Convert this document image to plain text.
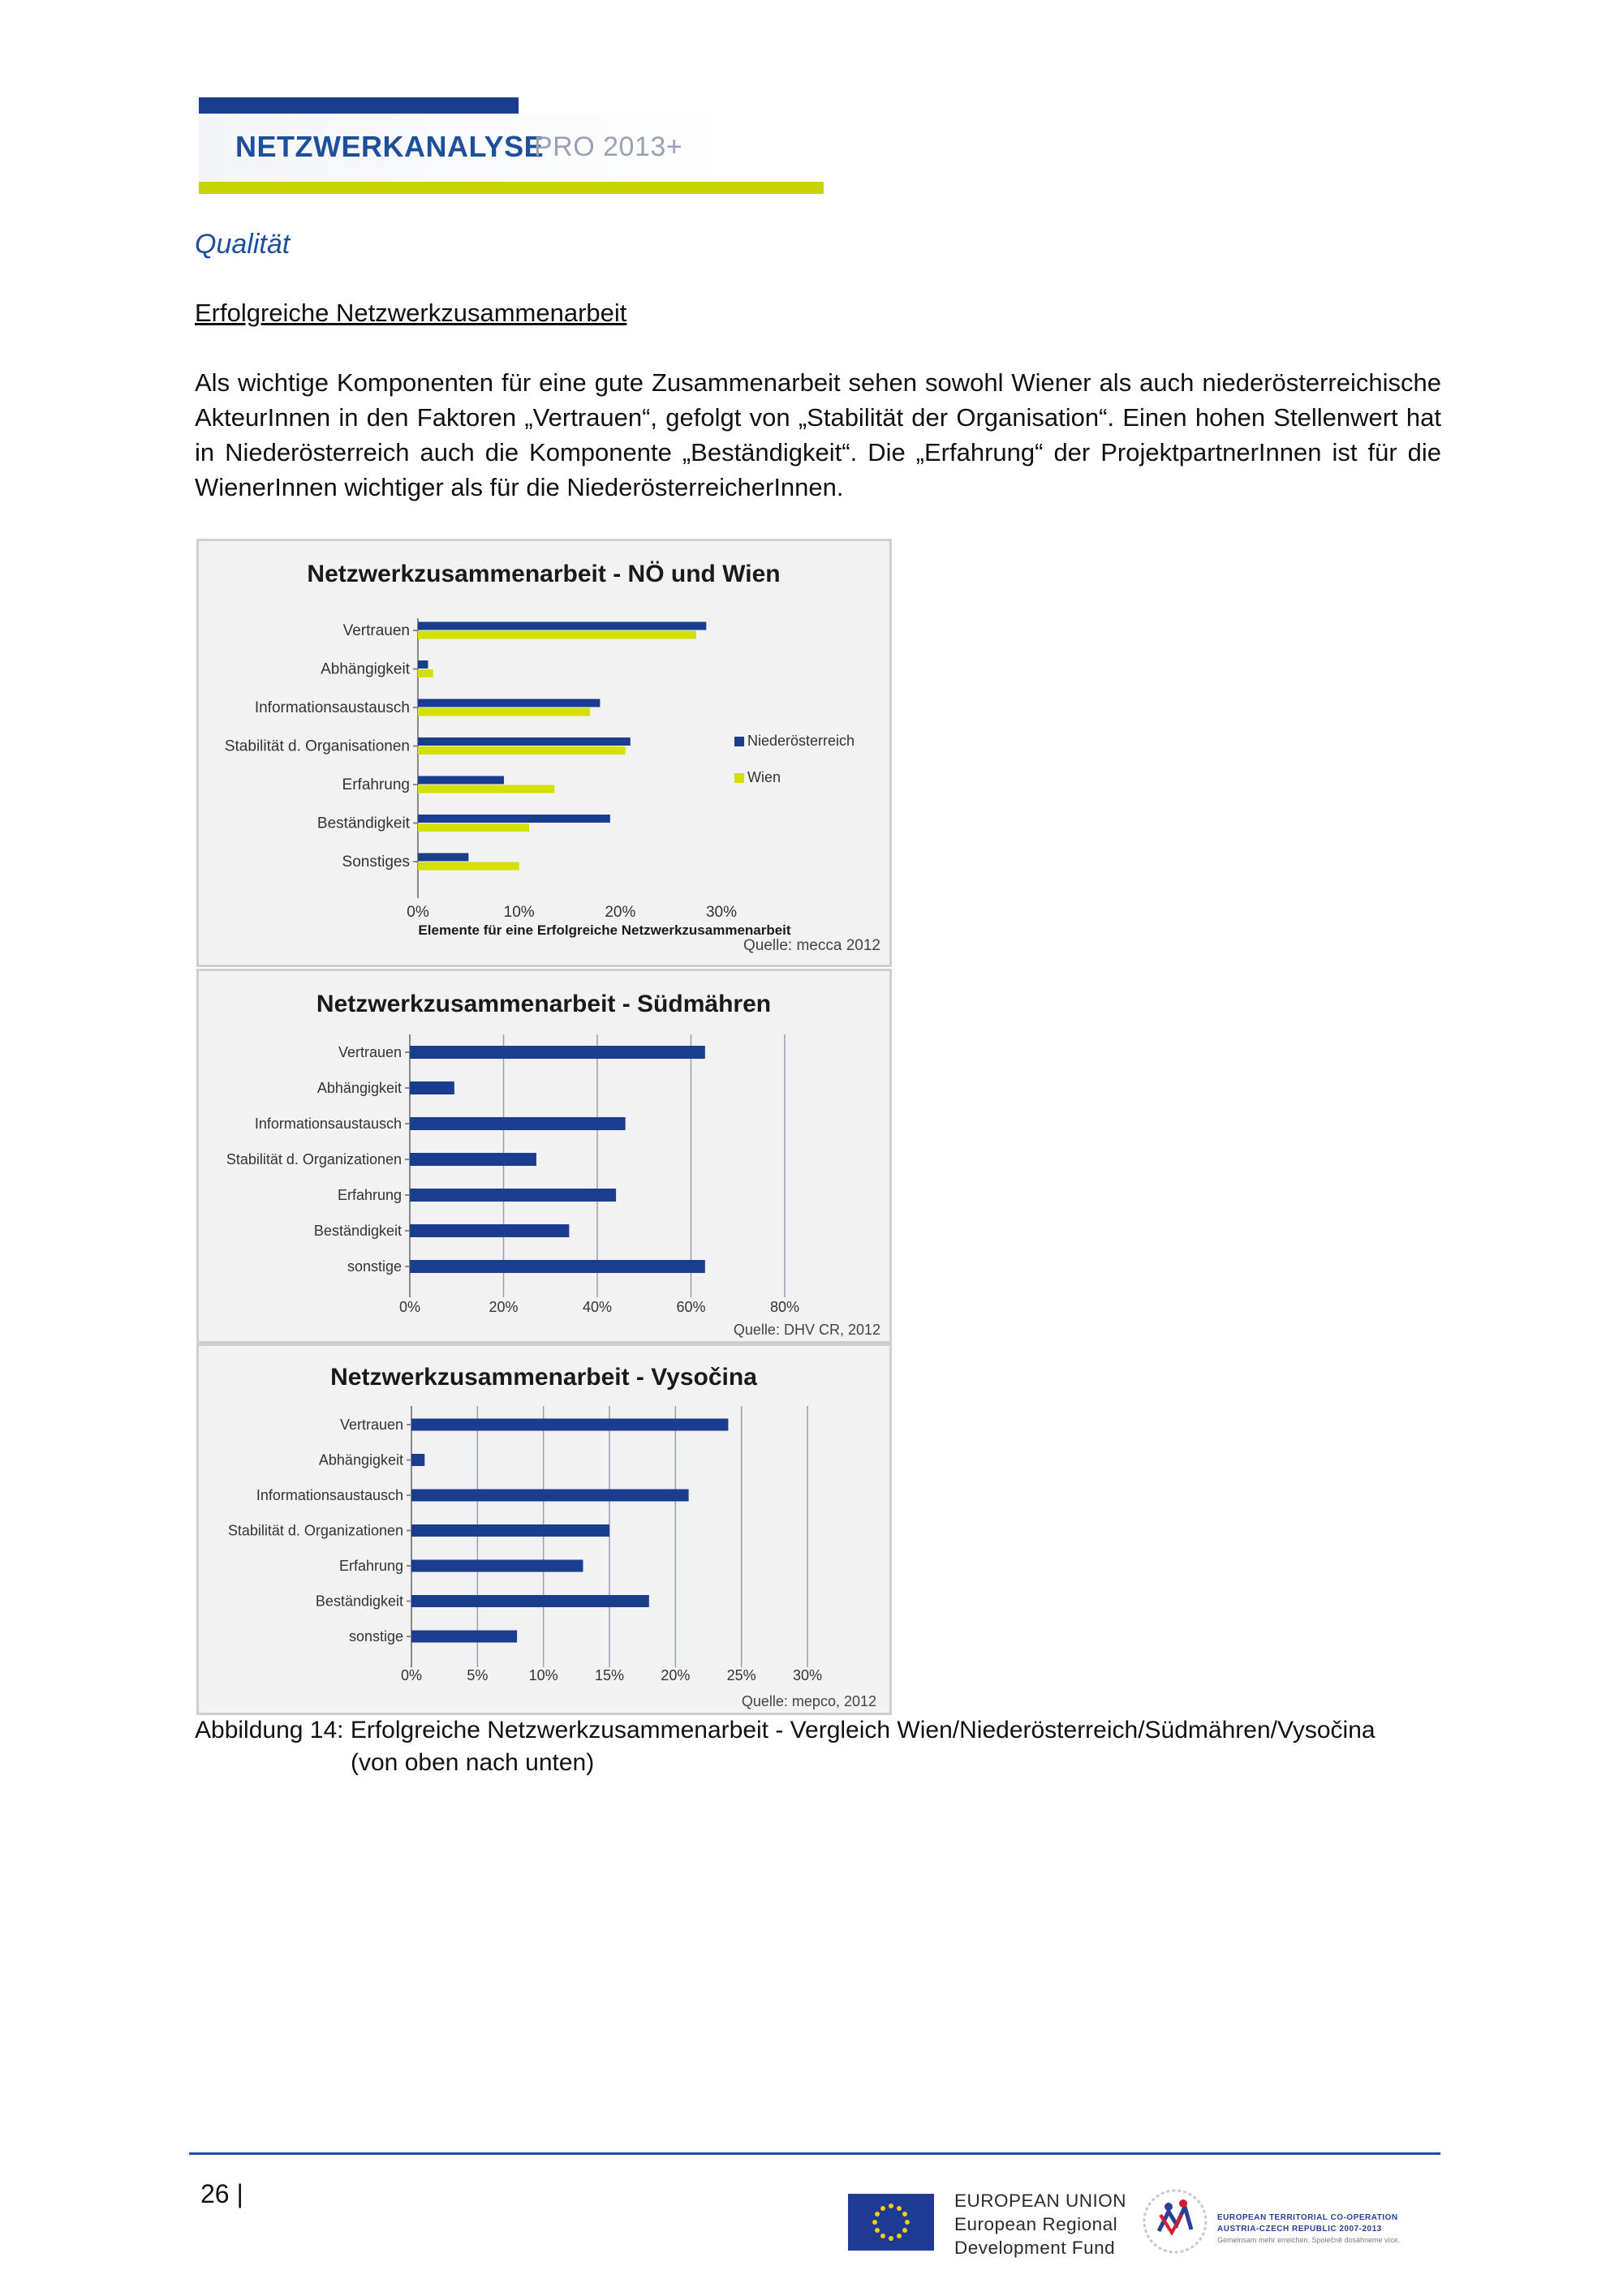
NETZWERKANALYSE
PRO 2013+
Qualität
Erfolgreiche Netzwerkzusammenarbeit
Als wichtige Komponenten für eine gute Zusammenarbeit sehen sowohl Wiener als auch niederösterreichische AkteurInnen in den Faktoren „Vertrauen“, gefolgt von „Stabilität der Organisation“. Einen hohen Stellenwert hat in Niederösterreich auch die Komponente „Beständigkeit“. Die „Erfahrung“ der ProjektpartnerInnen ist für die WienerInnen wichtiger als für die NiederösterreicherInnen.
Netzwerkzusammenarbeit - NÖ und Wien
Vertrauen
Abhängigkeit
Informationsaustausch
Stabilität d. Organisationen
Erfahrung
Beständigkeit
Sonstiges
0%	10%	20%	30%
Elemente für eine Erfolgreiche Netzwerkzusammenarbeit
Quelle: mecca 2012
Niederösterreich
Wien
Netzwerkzusammenarbeit - Südmähren
Vertrauen
Abhängigkeit
Informationsaustausch
Stabilität d. Organizationen
Erfahrung
Beständigkeit
sonstige
0%	20%	40%	60%	80%
Quelle: DHV CR, 2012
Netzwerkzusammenarbeit - Vysočina
Vertrauen
Abhängigkeit
Informationsaustausch
Stabilität d. Organizationen
Erfahrung
Beständigkeit
sonstige
0%	5%	10%	15%	20%	25%	30%
Quelle: mepco, 2012
Abbildung 14: Erfolgreiche Netzwerkzusammenarbeit - Vergleich Wien/Niederösterreich/Südmähren/Vysočina
(von oben nach unten)
26 |	EUROPEAN UNION
European Regional
Development Fund
EUROPEAN TERRITORIAL CO-OPERATION
AUSTRIA-CZECH REPUBLIC 2007-2013
Gemeinsam mehr erreichen. Společně dosáhneme více.
